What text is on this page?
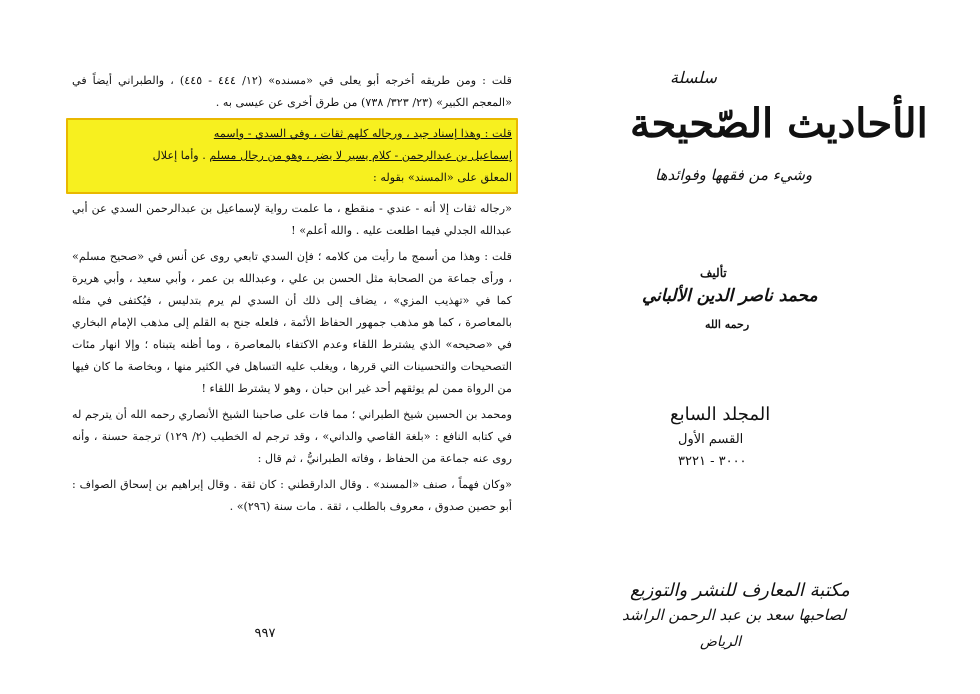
قلت : ومن طريقه أخرجه أبو يعلى في «مسنده» (١٢/ ٤٤٤ - ٤٤٥) ، والطبراني أيضاً في «المعجم الكبير» (٢٣/ ٣٢٣/ ٧٣٨) من طرق أخرى عن عيسى به .

قلت : وهذا إسناد جيد ، ورجاله كلهم ثقات ، وفي السدي - واسمه
إسماعيل بن عبدالرحمن - كلام يسير لا يضر ، وهو من رجال مسلم . وأما إعلال
المعلق على «المسند» بقوله :

«رجاله ثقات إلا أنه - عندي - منقطع ، ما علمت رواية لإسماعيل بن عبدالرحمن السدي عن أبي عبدالله الجدلي فيما اطلعت عليه . والله أعلم» !

قلت : وهذا من أسمج ما رأيت من كلامه ؛ فإن السدي تابعي روى عن أنس في «صحيح مسلم» ، ورأى جماعة من الصحابة مثل الحسن بن علي ، وعبدالله بن عمر ، وأبي سعيد ، وأبي هريرة كما في «تهذيب المزي» ، يضاف إلى ذلك أن السدي لم يرم بتدليس ، فيُكتفى في مثله بالمعاصرة ، كما هو مذهب جمهور الحفاظ الأئمة ، فلعله جنح به القلم إلى مذهب الإمام البخاري في «صحيحه» الذي يشترط اللقاء وعدم الاكتفاء بالمعاصرة ، وما أظنه يتبناه ؛ وإلا انهار مئات التصحيحات والتحسينات التي قررها ، ويغلب عليه التساهل في الكثير منها ، وبخاصة ما كان فيها من الرواة ممن لم يوثقهم أحد غير ابن حبان ، وهو لا يشترط اللقاء !

ومحمد بن الحسين شيخ الطبراني ؛ مما فات على صاحبنا الشيخ الأنصاري رحمه الله أن يترجم له في كتابه النافع : «بلغة القاصي والداني» ، وقد ترجم له الخطيب (٢/ ١٢٩) ترجمة حسنة ، وأنه روى عنه جماعة من الحفاظ ، وفاته الطبرانيُّ ، ثم قال :

«وكان فهماً ، صنف «المسند» . وقال الدارقطني : كان ثقة . وقال إبراهيم بن إسحاق الصواف : أبو حصين صدوق ، معروف بالطلب ، ثقة . مات سنة (٢٩٦)» .

٩٩٧
سلسلة
الأحاديث الصّحيحة
وشيء من فقهها وفوائدها
تأليف
محمد ناصر الدين الألباني
رحمه الله
المجلد السابع
القسم الأول
٣٠٠٠ - ٣٢٢١
مكتبة المعارف للنشر والتوزيع
لصاحبها سعد بن عبد الرحمن الراشد
الرياض
